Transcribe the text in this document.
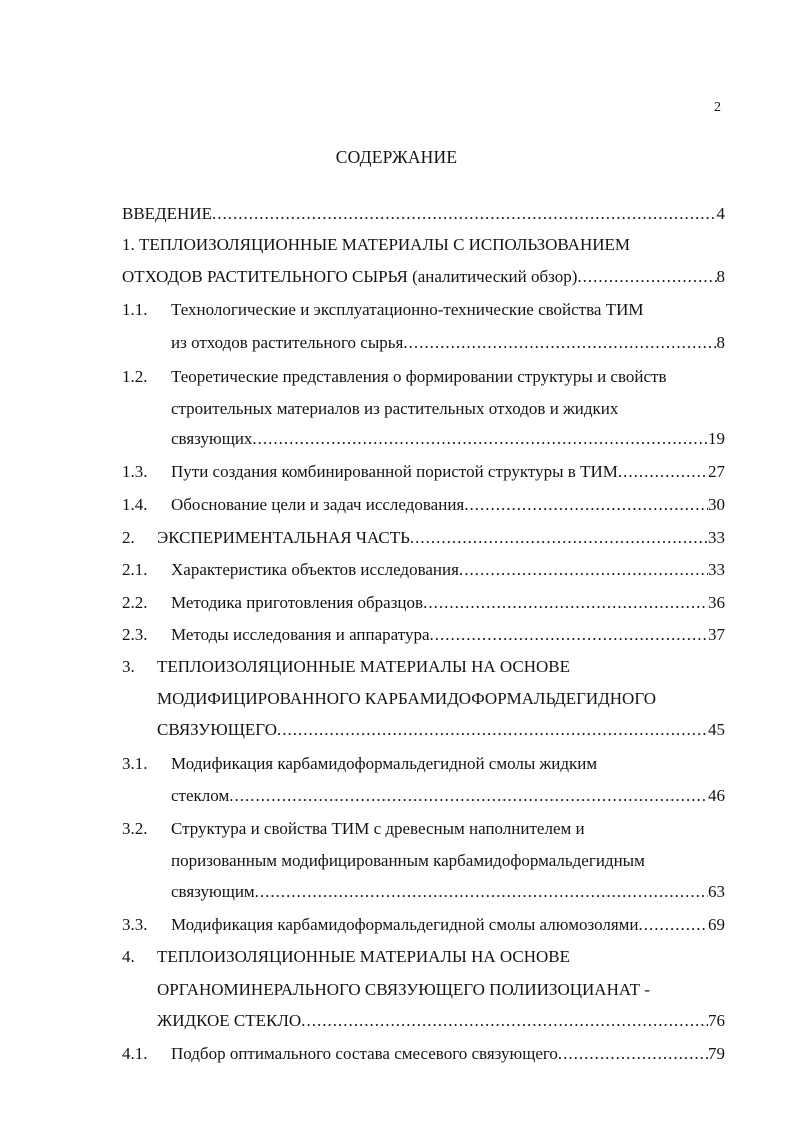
2
СОДЕРЖАНИЕ
ВВЕДЕНИЕ .....	4
1. ТЕПЛОИЗОЛЯЦИОННЫЕ МАТЕРИАЛЫ С ИСПОЛЬЗОВАНИЕМ
ОТХОДОВ РАСТИТЕЛЬНОГО СЫРЬЯ (аналитический обзор) .....	8
1.1. Технологические и эксплуатационно-технические свойства ТИМ
из отходов растительного сырья .....	8
1.2. Теоретические представления о формировании структуры и свойств
строительных материалов из растительных отходов и жидких
связующих .....	19
1.3. Пути создания комбинированной пористой структуры в ТИМ .....	27
1.4. Обоснование цели и задач исследования .....	30
2. ЭКСПЕРИМЕНТАЛЬНАЯ ЧАСТЬ .....	33
2.1. Характеристика объектов исследования .....	33
2.2. Методика приготовления образцов .....	36
2.3. Методы исследования и аппаратура .....	37
3. ТЕПЛОИЗОЛЯЦИОННЫЕ МАТЕРИАЛЫ НА ОСНОВЕ
МОДИФИЦИРОВАННОГО КАРБАМИДОФОРМАЛЬДЕГИДНОГО
СВЯЗУЮЩЕГО .....	45
3.1. Модификация карбамидоформальдегидной смолы жидким
стеклом .....	46
3.2. Структура и свойства ТИМ с древесным наполнителем и
поризованным модифицированным карбамидоформальдегидным
связующим .....	63
3.3. Модификация карбамидоформальдегидной смолы алюмозолями .....	69
4. ТЕПЛОИЗОЛЯЦИОННЫЕ МАТЕРИАЛЫ НА ОСНОВЕ
ОРГАНОМИНЕРАЛЬНОГО СВЯЗУЮЩЕГО ПОЛИИЗОЦИАНАТ -
ЖИДКОЕ СТЕКЛО .....	76
4.1. Подбор оптимального состава смесевого связующего .....	79
